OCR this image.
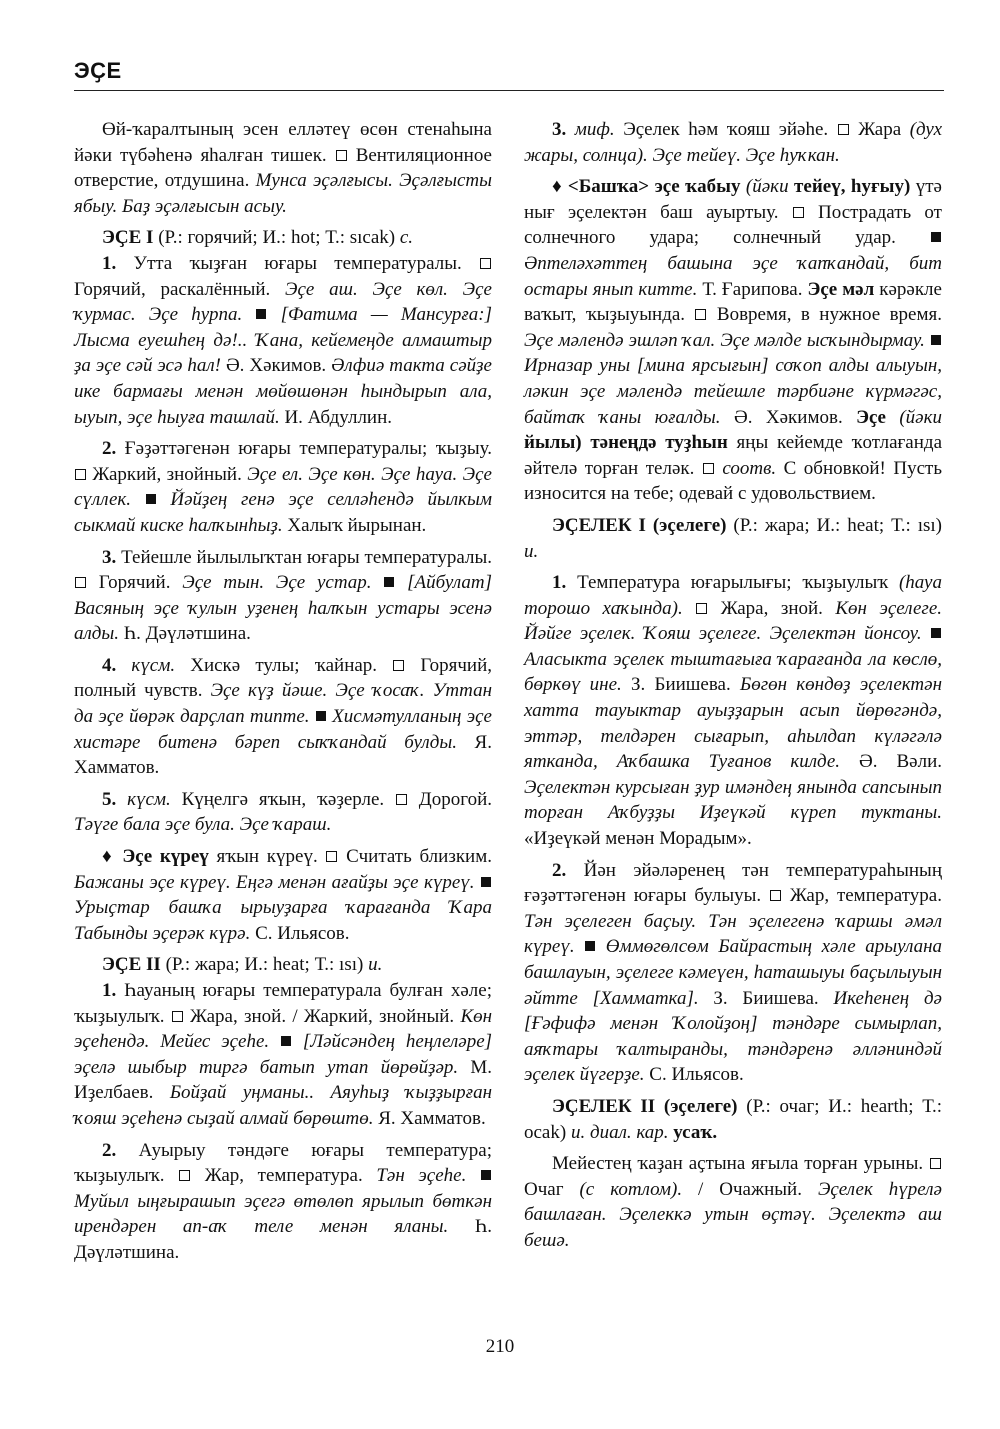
ЭҪЕ

Өй-ҡаралтының эсен елләтеү өсөн стенаһына йәки түбәһенә яһалған тишек.  Вентиляционное отверстие, отдушина. Мунса эҫәлғысы. Эҫәлғысты ябыу. Баҙ эҫәлғысын асыу.

ЭҪЕ I (Р.: горячий; И.: hot; Т.: sıcak) с.

1. Утта ҡыҙған юғары температуралы.  Горячий, раскалённый. Эҫе аш. Эҫе көл. Эҫе ҡурмас. Эҫе һурпа. [Фатима — Мансурға:] Лысма еуешһең дә!.. Ҡана, кейемеңде алмаштыр ҙа эҫе сәй эсә һал! Ә. Хәкимов. Әлфиә такта сәйҙе ике бармағы менән мөйөшөнән һындырып ала, ыуып, эҫе һыуға ташлай. И. Абдуллин.

2. Ғәҙәттәгенән юғары температуралы; ҡыҙыу.  Жаркий, знойный. Эҫе ел. Эҫе көн. Эҫе һауа. Эҫе сүллек. Йәйҙең генә эҫе селләһендә йылкым сыкмай киске һалҡынһыҙ. Халыҡ йырынан.

3. Тейешле йылылыҡтан юғары температуралы.  Горячий. Эҫе тын. Эҫе устар. [Айбулат] Васяның эҫе ҡулын уҙенең һалҡын устары эсенә алды. Һ. Дәүләтшина.

4. күсм. Хискә тулы; ҡайнар.  Горячий, полный чувств. Эҫе күҙ йәше. Эҫе ҡосаҡ. Уттан да эҫе йөрәк дарҫлап типте. Хисмәтулланың эҫе хистәре битенә бәреп сыҡҡандай булды. Я. Хамматов.

5. күсм. Күңелгә яҡын, ҡәҙерле.  Дорогой. Тәүге бала эҫе була. Эҫе ҡараш.

♦ Эҫе күреү яҡын күреү.  Считать близким. Бажаны эҫе күреү. Еңгә менән ағайҙы эҫе күреү.  Урыҫтар башҡа ырыуҙарға ҡарағанда Ҡара Табынды эҫерәк күрә. С. Ильясов.

ЭҪЕ II (Р.: жара; И.: heat; Т.: ısı) и.

1. Һауаның юғары температурала булған хәле; ҡыҙыулыҡ.  Жара, зной. / Жаркий, знойный. Көн эҫеһендә. Мейес эҫеһе. [Ләйсәндең һеңлеләре] эҫелә шыбыр тиргә батып утап йөрөйҙәр. М. Иҙелбаев. Бойҙай уңманы.. Аяуһыҙ ҡыҙҙырған ҡояш эҫеһенә сыҙай алмай бөрөштө. Я. Хамматов.

2. Ауырыу тәндәге юғары температура; ҡыҙыулыҡ.  Жар, температура. Тән эҫеһе.  Муйыл ыңғырашып эҫегә өтөлөп ярылып бөткән ирендәрен ап-аҡ теле менән яланы. Һ. Дәүләтшина.

3. миф. Эҫелек һәм ҡояш эйәһе.  Жара (дух жары, солнца). Эҫе тейеү. Эҫе һуҡкан.

♦ <Башҡа> эҫе ҡабыу (йәки тейеү, һуғыу) үтә нығ эҫелектән баш ауыртыу.  Пострадать от солнечного удара; солнечный удар.  Әптеләхәттең башына эҫе ҡапҡандай, бит остары янып китте. Т. Ғарипова. Эҫе мәл кәрәкле ваҡыт, ҡыҙыуында.  Вовремя, в нужное время. Эҫе мәлендә эшләп ҡал. Эҫе мәлде ысҡындырмау.  Ирназар уны [мина ярсығын] соҡоп алды алыуын, ләкин эҫе мәлендә тейешле тәрбиәне күрмәгәс, байтаҡ ҡаны юғалды. Ә. Хәкимов. Эҫе (йәки йылы) тәнеңдә туҙһын яңы кейемде ҡотлағанда әйтелә торған теләк.  соотв. С обновкой! Пусть износится на тебе; одевай с удовольствием.

ЭҪЕЛЕК I (эҫелеге) (Р.: жара; И.: heat; Т.: ısı) и.

1. Температура юғарылығы; ҡыҙыулыҡ (һауа торошо хаҡында).  Жара, зной. Көн эҫелеге. Йәйге эҫелек. Ҡояш эҫелеге. Эҫелектән йонсоу.  Аласыкта эҫелек тыштағыға ҡарағанда ла көслө, бөркөү ине. З. Биишева. Бөгөн көндөҙ эҫелектән хатта тауыктар ауыҙҙарын асып йөрөгәндә, эттәр, телдәрен сығарып, аһылдап күләгәлә ятканда, Аҡбашка Туғанов килде. Ә. Вәли. Эҫелектән курсыған ҙур имәндең янында сапсынып торған Аҡбуҙҙы Иҙеүкәй күреп туктаны. «Иҙеүкәй менән Морадым».

2. Йән эйәләренең тән температураһының ғәҙәттәгенән юғары булыуы.  Жар, температура. Тән эҫелеген баҫыу. Тән эҫелегенә ҡаршы әмәл күреү. Өммөгөлсөм Байрастың хәле арыулана башлауын, эҫелеге кәмеүен, һаташыуы баҫылыуын әйтте [Хамматка]. З. Биишева. Икеһенең дә [Ғәфифә менән Ҡолойҙоң] тәндәре сымырлап, аяҡтары ҡалтыранды, тәндәренә әлләниндәй эҫелек йүгерҙе. С. Ильясов.

ЭҪЕЛЕК II (эҫелеге) (Р.: очаг; И.: hearth; Т.: ocak) и. диал. кар. усаҡ.

Мейестең ҡаҙан аҫтына яғыла торған урыны.  Очаг (с котлом). / Очажный. Эҫелек һүрелә башлаған. Эҫелеккә утын өҫтәү. Эҫелектә аш бешә.

210
